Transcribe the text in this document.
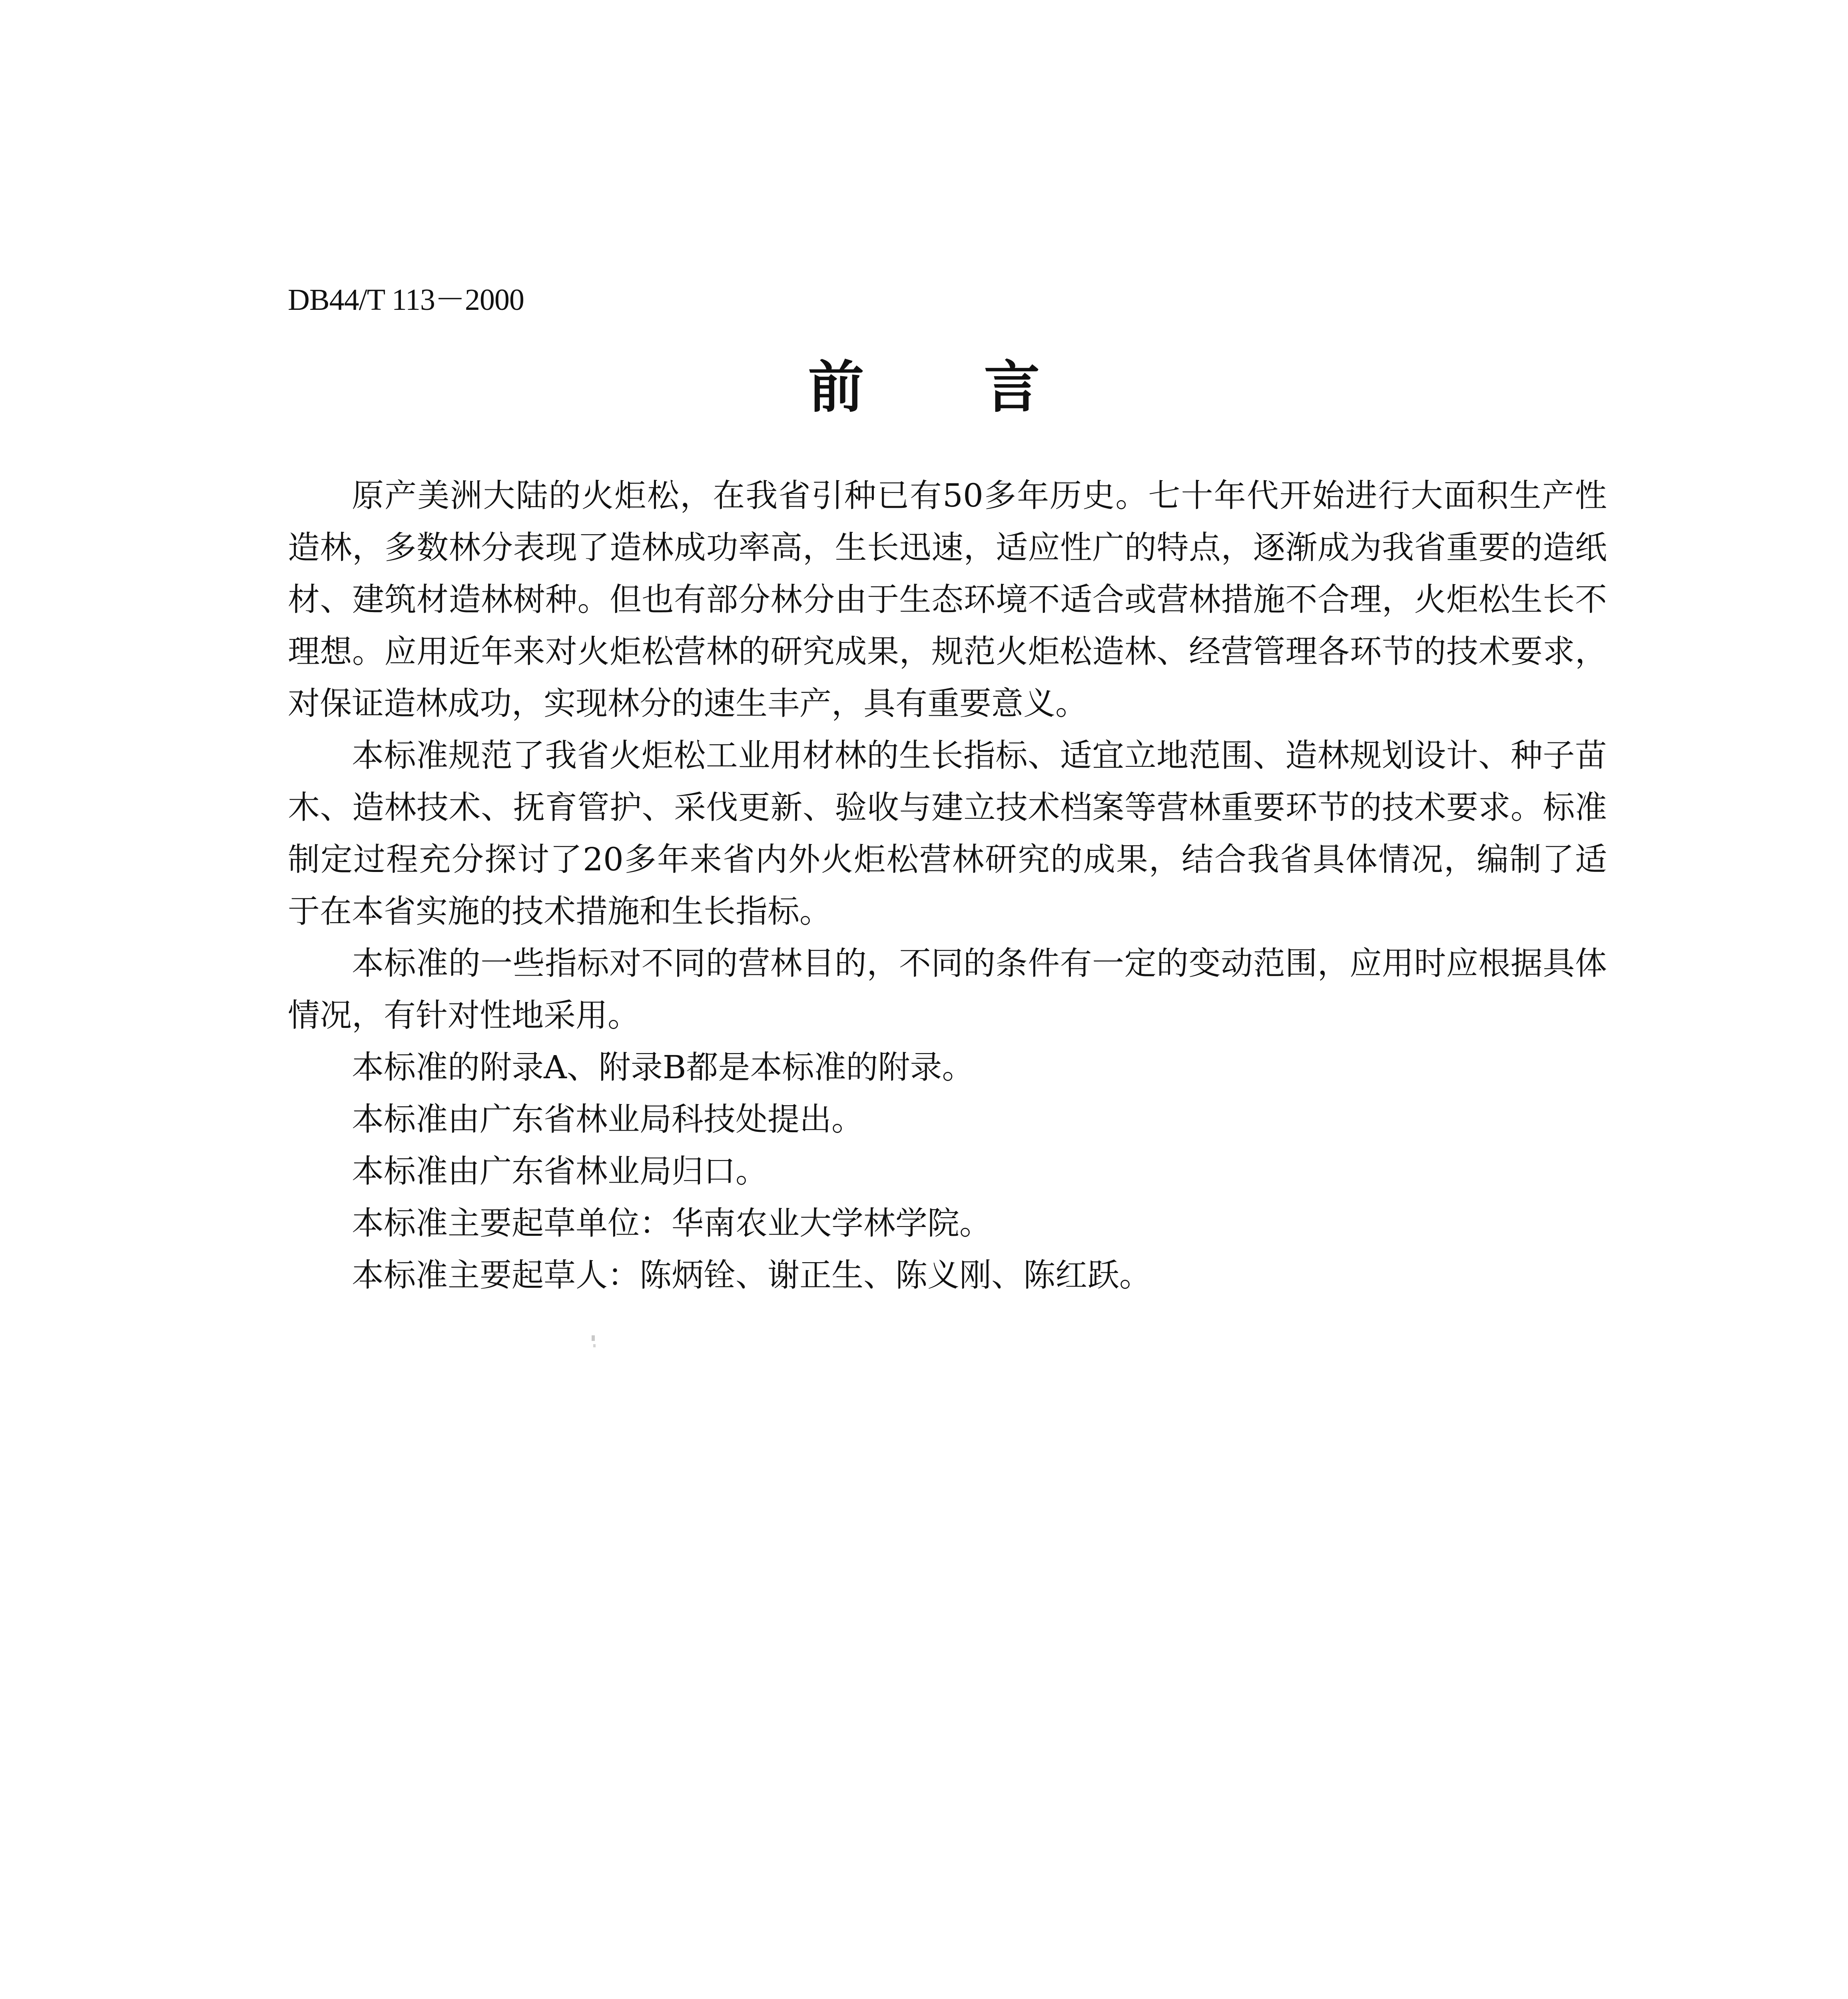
DB44/T 113－2000
前言

原产美洲大陆的火炬松，在我省引种已有50多年历史。七十年代开始进行大面积生产性造林，多数林分表现了造林成功率高，生长迅速，适应性广的特点，逐渐成为我省重要的造纸材、建筑材造林树种。但也有部分林分由于生态环境不适合或营林措施不合理，火炬松生长不理想。应用近年来对火炬松营林的研究成果，规范火炬松造林、经营管理各环节的技术要求，对保证造林成功，实现林分的速生丰产，具有重要意义。

本标准规范了我省火炬松工业用材林的生长指标、适宜立地范围、造林规划设计、种子苗木、造林技术、抚育管护、采伐更新、验收与建立技术档案等营林重要环节的技术要求。标准制定过程充分探讨了20多年来省内外火炬松营林研究的成果，结合我省具体情况，编制了适于在本省实施的技术措施和生长指标。

本标准的一些指标对不同的营林目的，不同的条件有一定的变动范围，应用时应根据具体情况，有针对性地采用。

本标准的附录A、附录B都是本标准的附录。

本标准由广东省林业局科技处提出。

本标准由广东省林业局归口。

本标准主要起草单位：华南农业大学林学院。

本标准主要起草人：陈炳铨、谢正生、陈义刚、陈红跃。
